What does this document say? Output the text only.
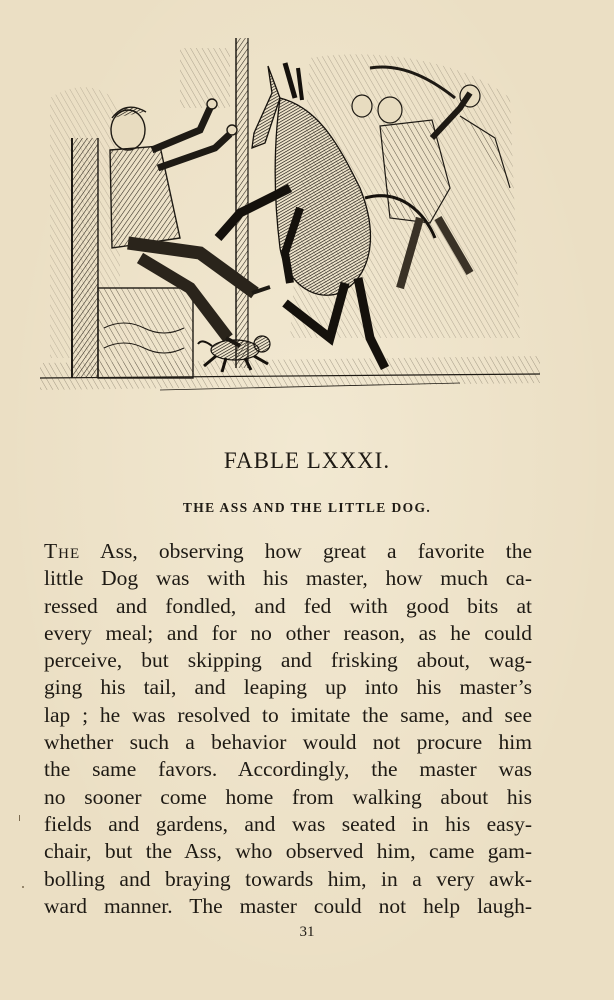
FABLE LXXXI.
THE ASS AND THE LITTLE DOG.
The Ass, observing how great a favorite the
little Dog was with his master, how much ca-
ressed and fondled, and fed with good bits at
every meal; and for no other reason, as he could
perceive, but skipping and frisking about, wag-
ging his tail, and leaping up into his master’s
lap ; he was resolved to imitate the same, and see
whether such a behavior would not procure him
the same favors. Accordingly, the master was
no sooner come home from walking about his
fields and gardens, and was seated in his easy-
chair, but the Ass, who observed him, came gam-
bolling and braying towards him, in a very awk-
ward manner. The master could not help laugh-
31
